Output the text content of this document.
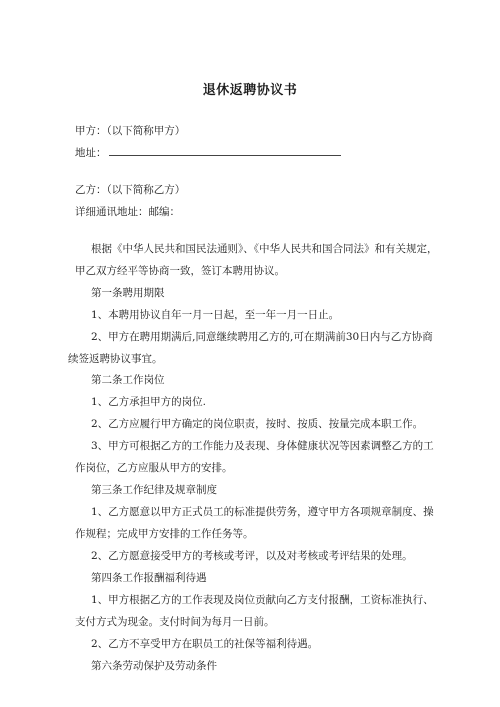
退休返聘协议书
甲方：（以下简称甲方）
地址：
乙方：（以下简称乙方）
详细通讯地址：邮编：
根据《中华人民共和国民法通则》、《中华人民共和国合同法》和有关规定，
甲乙双方经平等协商一致，签订本聘用协议。
第一条聘用期限
1、本聘用协议自年一月一日起，至一年一月一日止。
2、甲方在聘用期满后,同意继续聘用乙方的,可在期满前30日内与乙方协商
续签返聘协议事宜。
第二条工作岗位
1、乙方承担甲方的岗位.
2、乙方应履行甲方确定的岗位职责，按时、按质、按量完成本职工作。
3、甲方可根据乙方的工作能力及表现、身体健康状况等因素调整乙方的工
作岗位，乙方应服从甲方的安排。
第三条工作纪律及规章制度
1、乙方愿意以甲方正式员工的标准提供劳务，遵守甲方各项规章制度、操
作规程；完成甲方安排的工作任务等。
2、乙方愿意接受甲方的考核或考评，以及对考核或考评结果的处理。
第四条工作报酬福利待遇
1、甲方根据乙方的工作表现及岗位贡献向乙方支付报酬，工资标准执行、
支付方式为现金。支付时间为每月一日前。
2、乙方不享受甲方在职员工的社保等福利待遇。
第六条劳动保护及劳动条件
